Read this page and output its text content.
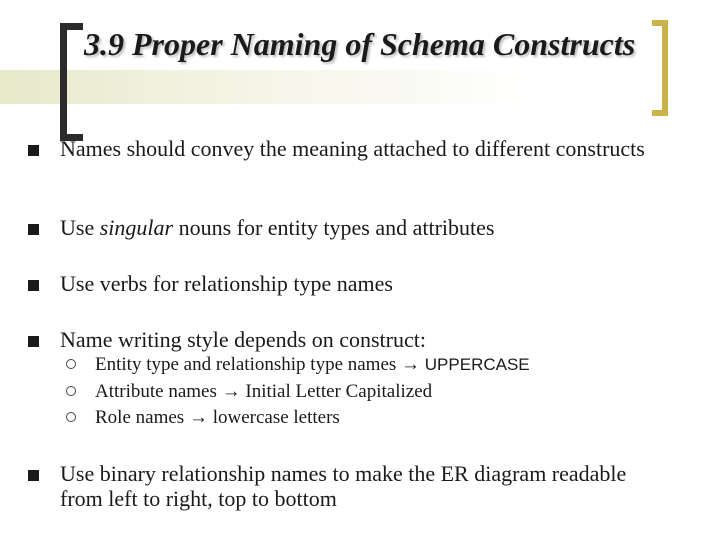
3.9 Proper Naming of Schema Constructs
Names should convey the meaning attached to different constructs
Use singular nouns for entity types and attributes
Use verbs for relationship type names
Name writing style depends on construct:
Entity type and relationship type names → UPPERCASE
Attribute names → Initial Letter Capitalized
Role names → lowercase letters
Use binary relationship names to make the ER diagram readable from left to right, top to bottom
